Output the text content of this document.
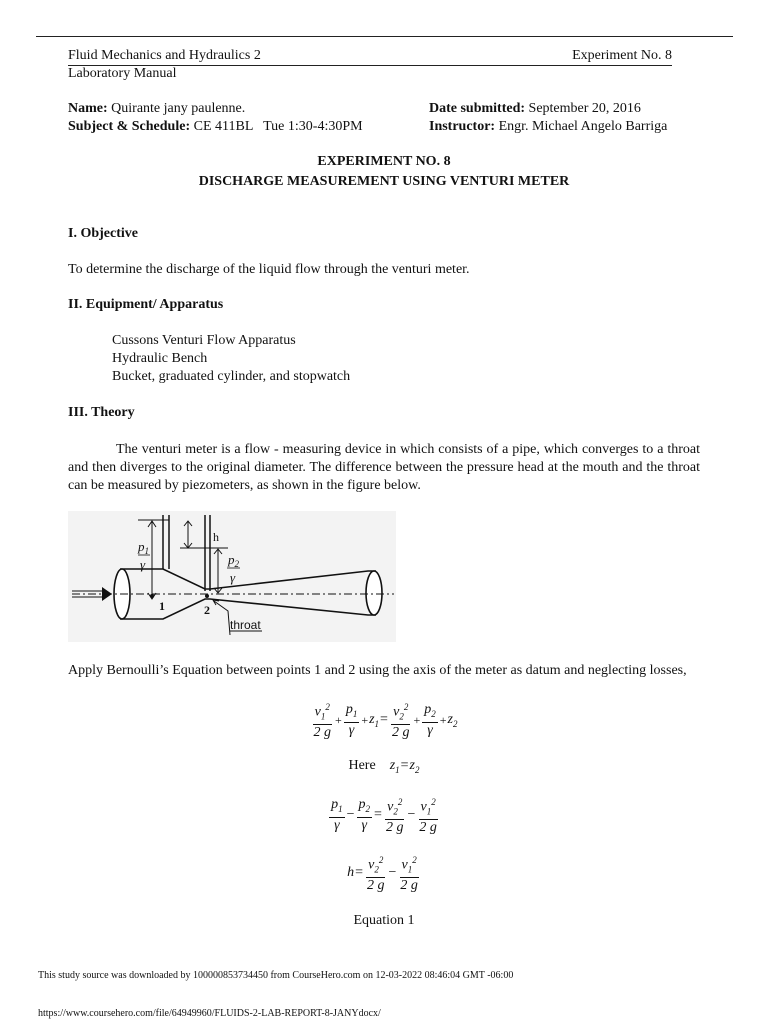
Fluid Mechanics and Hydraulics 2	Experiment No. 8
Laboratory Manual
Name: Quirante jany paulenne.
Subject & Schedule: CE 411BL   Tue 1:30-4:30PM
Date submitted: September 20, 2016
Instructor: Engr. Michael Angelo Barriga
EXPERIMENT NO. 8
DISCHARGE MEASUREMENT USING VENTURI METER
I. Objective
To determine the discharge of the liquid flow through the venturi meter.
II. Equipment/ Apparatus
Cussons Venturi Flow Apparatus
Hydraulic Bench
Bucket, graduated cylinder, and stopwatch
III. Theory
The venturi meter is a flow - measuring device in which consists of a pipe, which converges to a throat and then diverges to the original diameter. The difference between the pressure head at the mouth and the throat can be measured by piezometers, as shown in the figure below.
$p_1$
γ
h
$p_2$
γ
1	2
throat
Apply Bernoulli’s Equation between points 1 and 2 using the axis of the meter as datum and neglecting losses,
$\frac{v_1^2}{2 g} + \frac{p_1}{\gamma} + z_1 = \frac{v_2^2}{2 g} + \frac{p_2}{\gamma} + z_2$
Here $z_1 = z_2$
$\frac{p_1}{\gamma} - \frac{p_2}{\gamma} = \frac{v_2^2}{2 g} - \frac{v_1^2}{2 g}$
$h = \frac{v_2^2}{2 g} - \frac{v_1^2}{2 g}$
Equation 1
This study source was downloaded by 100000853734450 from CourseHero.com on 12-03-2022 08:46:04 GMT -06:00
https://www.coursehero.com/file/64949960/FLUIDS-2-LAB-REPORT-8-JANYdocx/
